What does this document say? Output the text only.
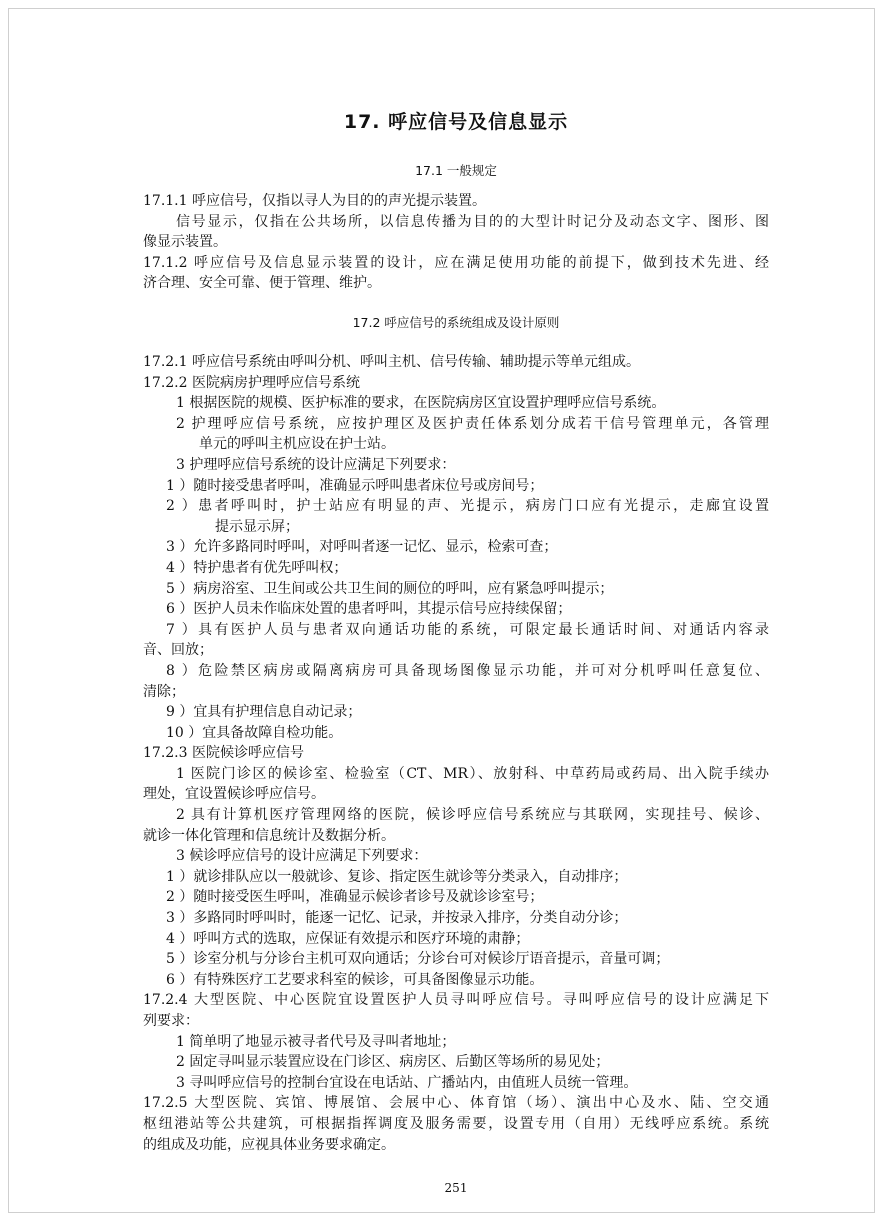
17. 呼应信号及信息显示
17.1 一般规定
17.1.1 呼应信号，仅指以寻人为目的的声光提示装置。
信号显示，仅指在公共场所，以信息传播为目的的大型计时记分及动态文字、图形、图
像显示装置。
17.1.2 呼应信号及信息显示装置的设计，应在满足使用功能的前提下，做到技术先进、经
济合理、安全可靠、便于管理、维护。
17.2 呼应信号的系统组成及设计原则
17.2.1 呼应信号系统由呼叫分机、呼叫主机、信号传输、辅助提示等单元组成。
17.2.2 医院病房护理呼应信号系统
1 根据医院的规模、医护标准的要求，在医院病房区宜设置护理呼应信号系统。
2 护理呼应信号系统，应按护理区及医护责任体系划分成若干信号管理单元，各管理
单元的呼叫主机应设在护士站。
3 护理呼应信号系统的设计应满足下列要求：
1 ）随时接受患者呼叫，准确显示呼叫患者床位号或房间号；
2 ）患者呼叫时，护士站应有明显的声、光提示，病房门口应有光提示，走廊宜设置
提示显示屏；
3 ）允许多路同时呼叫，对呼叫者逐一记忆、显示，检索可查；
4 ）特护患者有优先呼叫权；
5 ）病房浴室、卫生间或公共卫生间的厕位的呼叫，应有紧急呼叫提示；
6 ）医护人员未作临床处置的患者呼叫，其提示信号应持续保留；
7 ）具有医护人员与患者双向通话功能的系统，可限定最长通话时间、对通话内容录
音、回放；
8 ）危险禁区病房或隔离病房可具备现场图像显示功能，并可对分机呼叫任意复位、
清除；
9 ）宜具有护理信息自动记录；
10 ）宜具备故障自检功能。
17.2.3 医院候诊呼应信号
1 医院门诊区的候诊室、检验室（CT、MR）、放射科、中草药局或药局、出入院手续办
理处，宜设置候诊呼应信号。
2 具有计算机医疗管理网络的医院，候诊呼应信号系统应与其联网，实现挂号、候诊、
就诊一体化管理和信息统计及数据分析。
3 候诊呼应信号的设计应满足下列要求：
1 ）就诊排队应以一般就诊、复诊、指定医生就诊等分类录入，自动排序；
2 ）随时接受医生呼叫，准确显示候诊者诊号及就诊诊室号；
3 ）多路同时呼叫时，能逐一记忆、记录，并按录入排序，分类自动分诊；
4 ）呼叫方式的选取，应保证有效提示和医疗环境的肃静；
5 ）诊室分机与分诊台主机可双向通话；分诊台可对候诊厅语音提示，音量可调；
6 ）有特殊医疗工艺要求科室的候诊，可具备图像显示功能。
17.2.4 大型医院、中心医院宜设置医护人员寻叫呼应信号。寻叫呼应信号的设计应满足下
列要求：
1 简单明了地显示被寻者代号及寻叫者地址；
2 固定寻叫显示装置应设在门诊区、病房区、后勤区等场所的易见处；
3 寻叫呼应信号的控制台宜设在电话站、广播站内，由值班人员统一管理。
17.2.5 大型医院、宾馆、博展馆、会展中心、体育馆（场）、演出中心及水、陆、空交通
枢纽港站等公共建筑，可根据指挥调度及服务需要，设置专用（自用）无线呼应系统。系统
的组成及功能，应视具体业务要求确定。
251
